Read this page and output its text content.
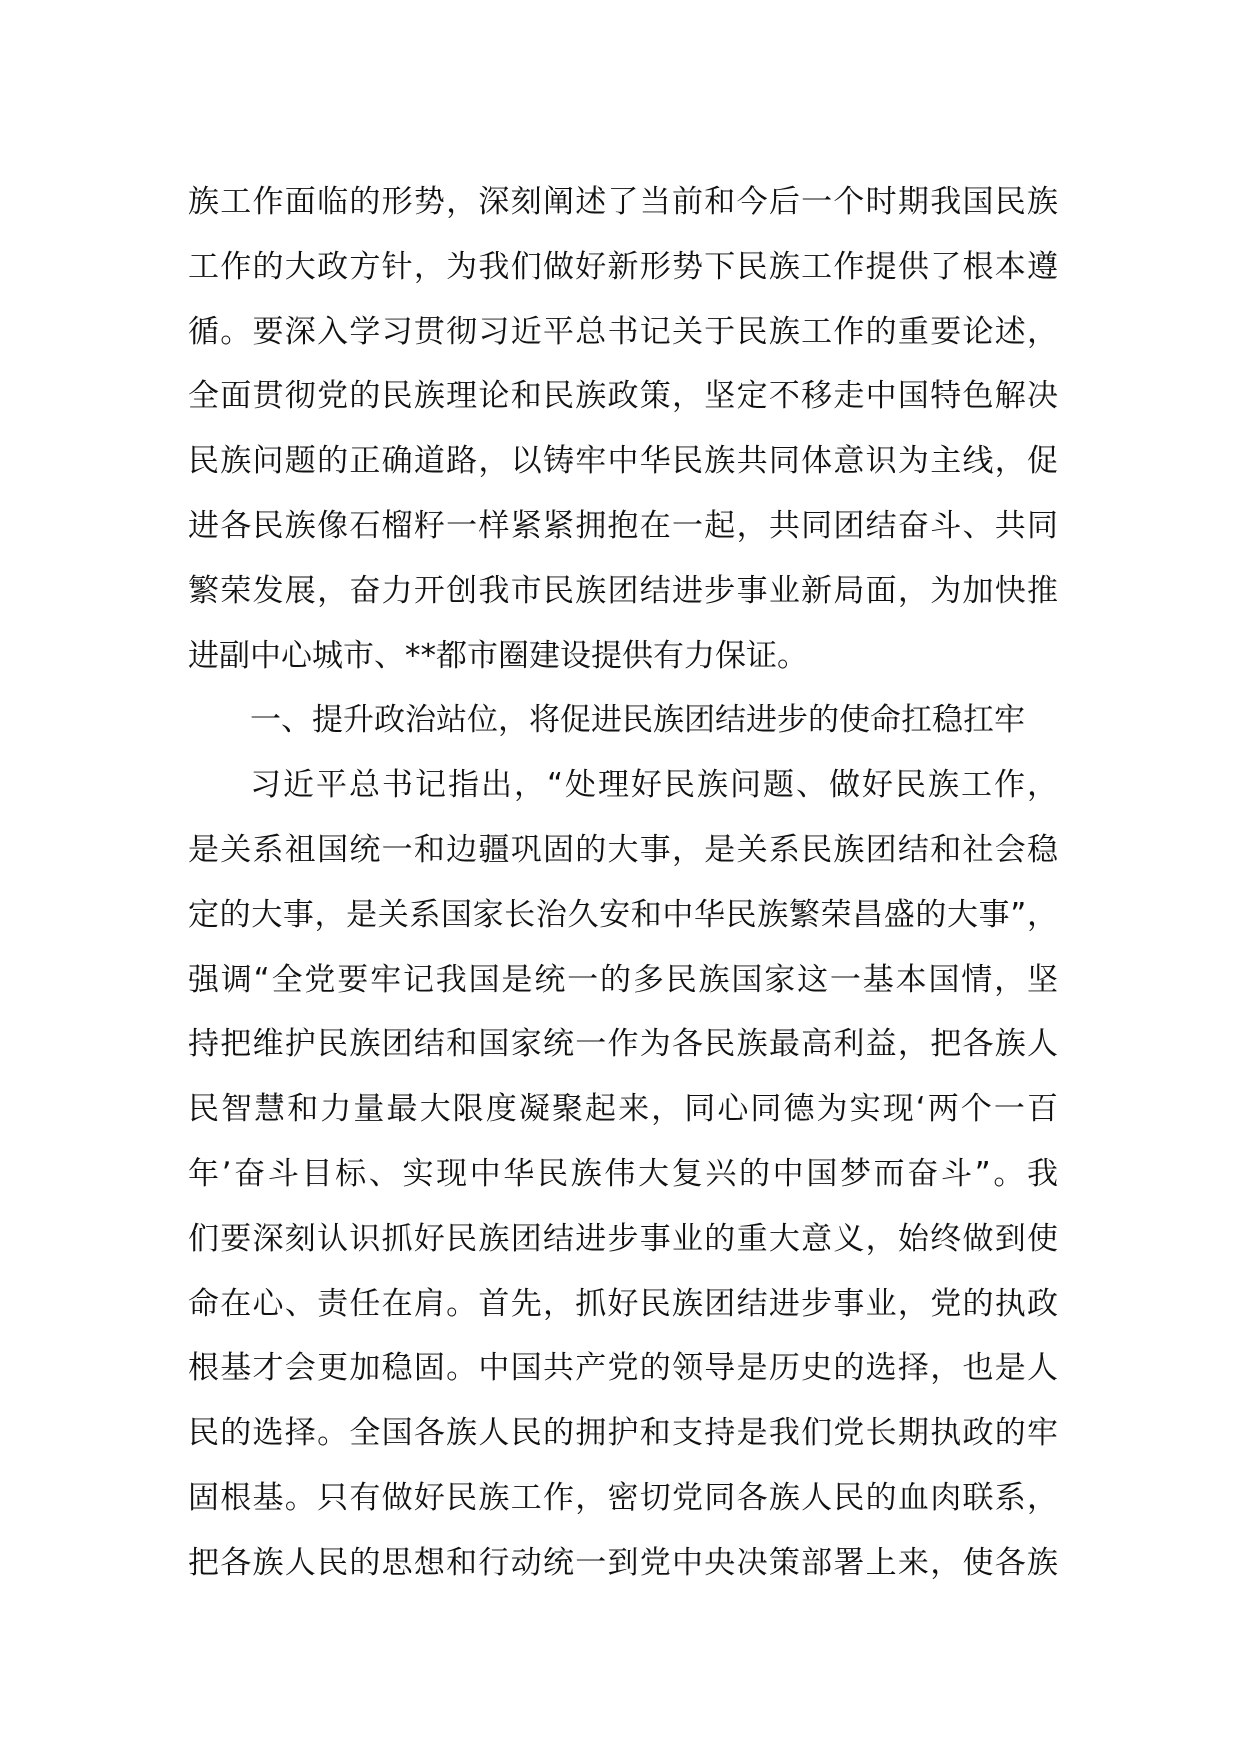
族工作面临的形势，深刻阐述了当前和今后一个时期我国民族
工作的大政方针，为我们做好新形势下民族工作提供了根本遵
循。要深入学习贯彻习近平总书记关于民族工作的重要论述，
全面贯彻党的民族理论和民族政策，坚定不移走中国特色解决
民族问题的正确道路，以铸牢中华民族共同体意识为主线，促
进各民族像石榴籽一样紧紧拥抱在一起，共同团结奋斗、共同
繁荣发展，奋力开创我市民族团结进步事业新局面，为加快推
进副中心城市、**都市圈建设提供有力保证。
一、提升政治站位，将促进民族团结进步的使命扛稳扛牢
习近平总书记指出，“处理好民族问题、做好民族工作，
是关系祖国统一和边疆巩固的大事，是关系民族团结和社会稳
定的大事，是关系国家长治久安和中华民族繁荣昌盛的大事”，
强调“全党要牢记我国是统一的多民族国家这一基本国情，坚
持把维护民族团结和国家统一作为各民族最高利益，把各族人
民智慧和力量最大限度凝聚起来，同心同德为实现‘两个一百
年’奋斗目标、实现中华民族伟大复兴的中国梦而奋斗”。我
们要深刻认识抓好民族团结进步事业的重大意义，始终做到使
命在心、责任在肩。首先，抓好民族团结进步事业，党的执政
根基才会更加稳固。中国共产党的领导是历史的选择，也是人
民的选择。全国各族人民的拥护和支持是我们党长期执政的牢
固根基。只有做好民族工作，密切党同各族人民的血肉联系，
把各族人民的思想和行动统一到党中央决策部署上来，使各族
